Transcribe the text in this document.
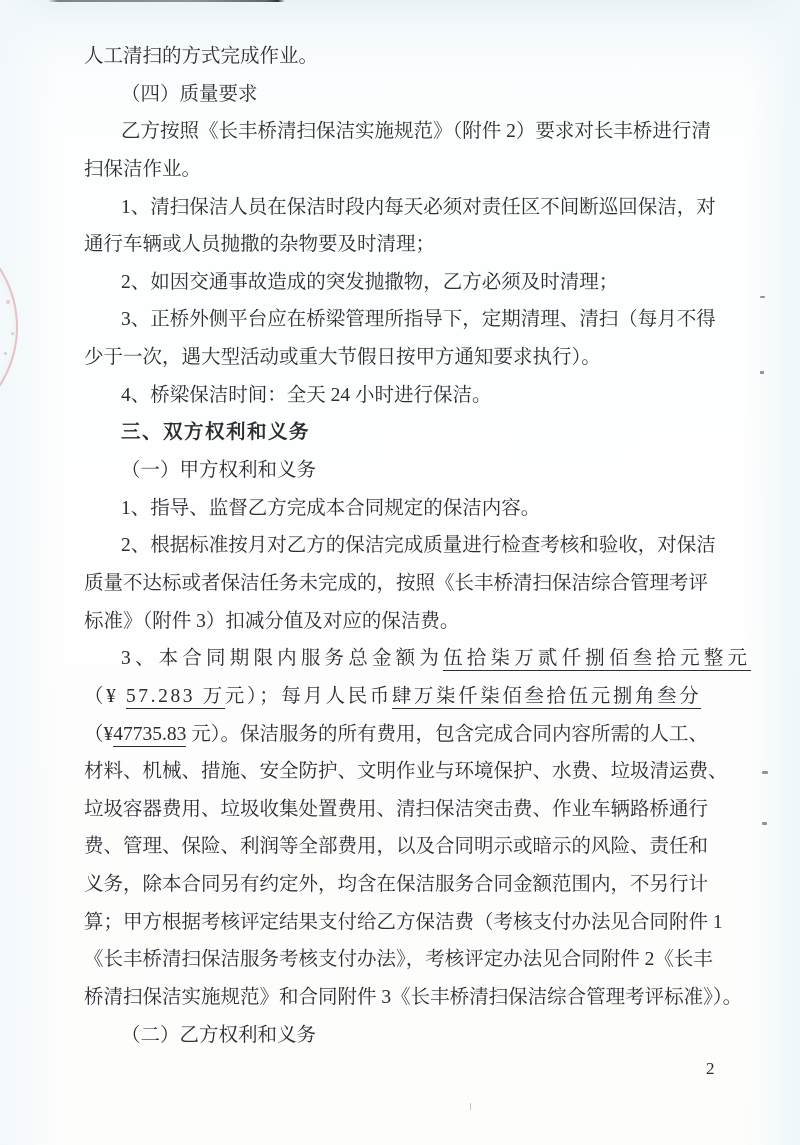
人工清扫的方式完成作业。
（四）质量要求
乙方按照《长丰桥清扫保洁实施规范》（附件 2）要求对长丰桥进行清
扫保洁作业。
1、清扫保洁人员在保洁时段内每天必须对责任区不间断巡回保洁，对
通行车辆或人员抛撒的杂物要及时清理；
2、如因交通事故造成的突发抛撒物，乙方必须及时清理；
3、正桥外侧平台应在桥梁管理所指导下，定期清理、清扫（每月不得
少于一次，遇大型活动或重大节假日按甲方通知要求执行）。
4、桥梁保洁时间：全天 24 小时进行保洁。
三、双方权利和义务
（一）甲方权利和义务
1、指导、监督乙方完成本合同规定的保洁内容。
2、根据标准按月对乙方的保洁完成质量进行检查考核和验收，对保洁
质量不达标或者保洁任务未完成的，按照《长丰桥清扫保洁综合管理考评
标准》（附件 3）扣减分值及对应的保洁费。
3、本合同期限内服务总金额为伍拾柒万贰仟捌佰叁拾元整元
（¥ 57.283 万元）；每月人民币肆万柒仟柒佰叁拾伍元捌角叁分
（¥47735.83 元）。保洁服务的所有费用，包含完成合同内容所需的人工、
材料、机械、措施、安全防护、文明作业与环境保护、水费、垃圾清运费、
垃圾容器费用、垃圾收集处置费用、清扫保洁突击费、作业车辆路桥通行
费、管理、保险、利润等全部费用，以及合同明示或暗示的风险、责任和
义务，除本合同另有约定外，均含在保洁服务合同金额范围内，不另行计
算；甲方根据考核评定结果支付给乙方保洁费（考核支付办法见合同附件 1
《长丰桥清扫保洁服务考核支付办法》，考核评定办法见合同附件 2《长丰
桥清扫保洁实施规范》和合同附件 3《长丰桥清扫保洁综合管理考评标准》）。
（二）乙方权利和义务
2
